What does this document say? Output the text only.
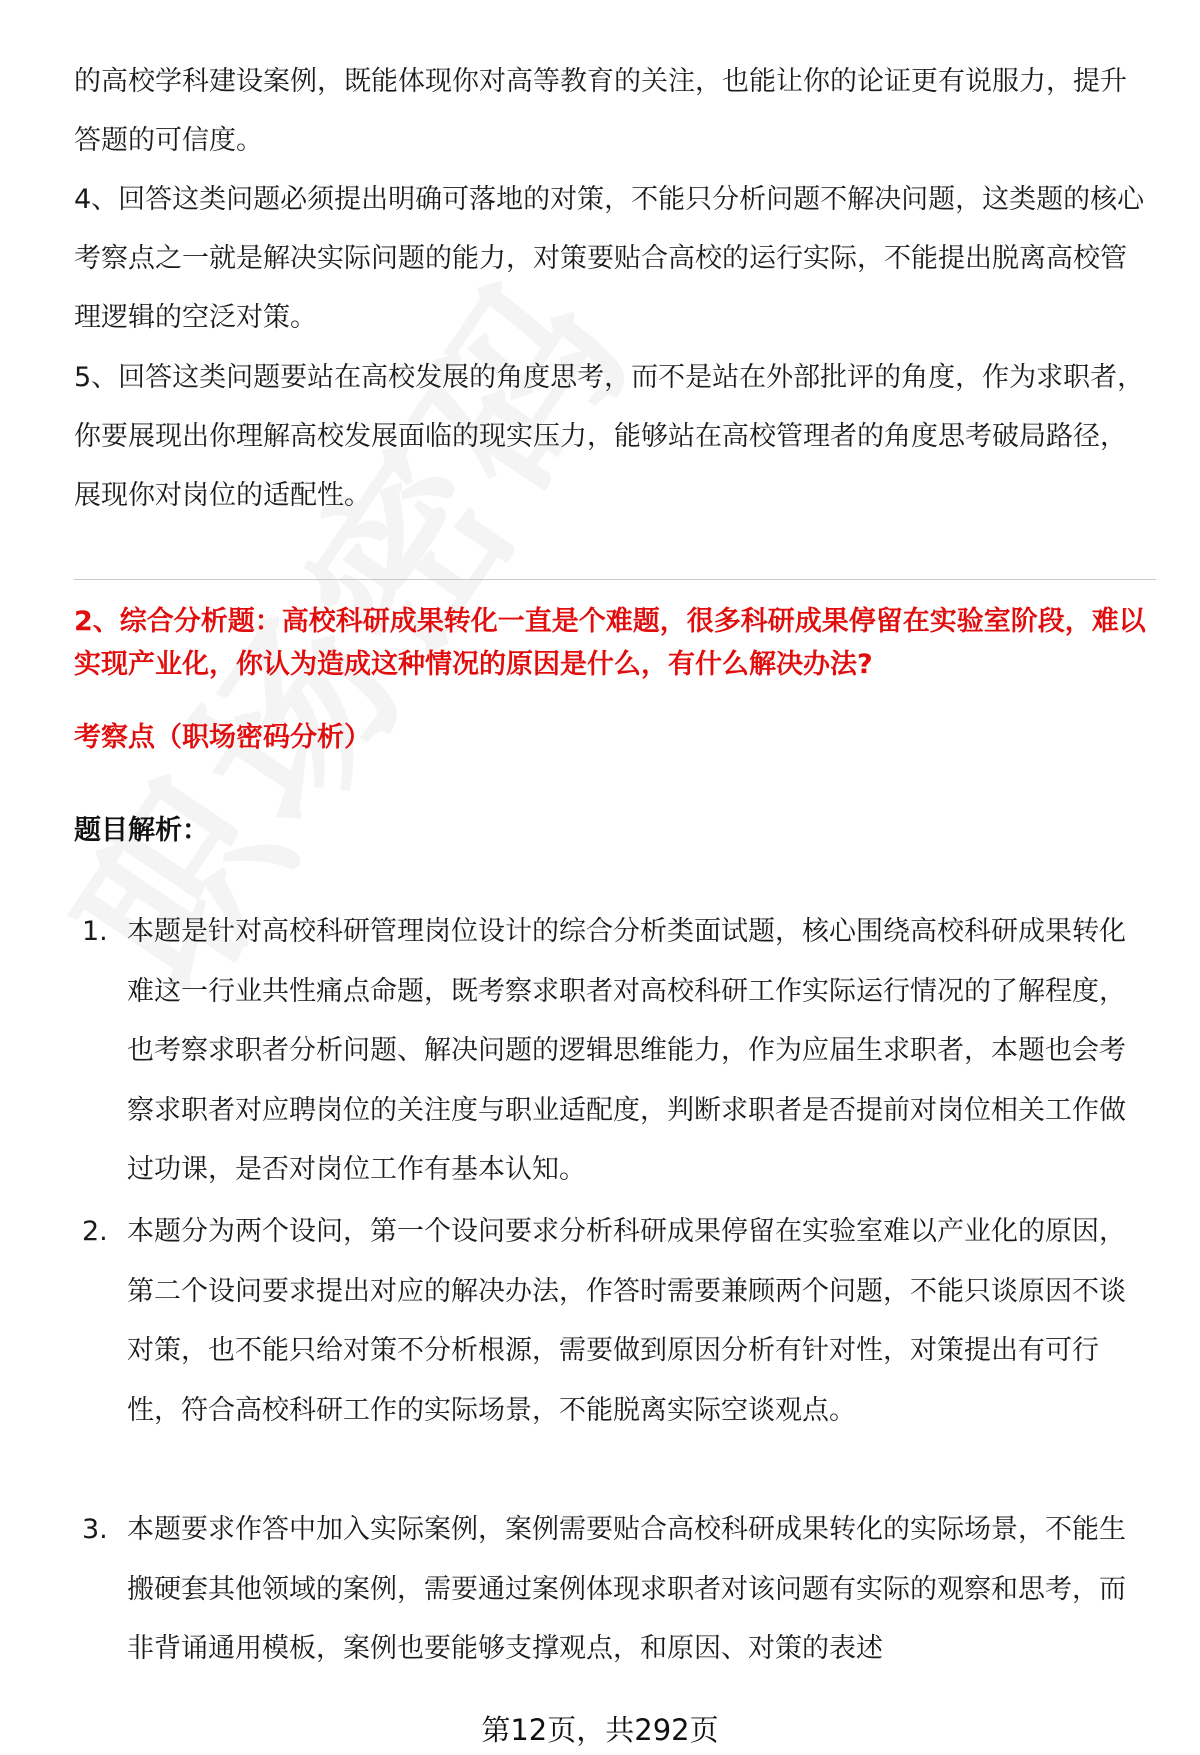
的高校学科建设案例，既能体现你对高等教育的关注，也能让你的论证更有说服力，提升答题的可信度。

4、回答这类问题必须提出明确可落地的对策，不能只分析问题不解决问题，这类题的核心考察点之一就是解决实际问题的能力，对策要贴合高校的运行实际，不能提出脱离高校管理逻辑的空泛对策。

5、回答这类问题要站在高校发展的角度思考，而不是站在外部批评的角度，作为求职者，你要展现出你理解高校发展面临的现实压力，能够站在高校管理者的角度思考破局路径，展现你对岗位的适配性。

2、综合分析题：高校科研成果转化一直是个难题，很多科研成果停留在实验室阶段，难以实现产业化，你认为造成这种情况的原因是什么，有什么解决办法?

考察点（职场密码分析）

题目解析：

1. 本题是针对高校科研管理岗位设计的综合分析类面试题，核心围绕高校科研成果转化难这一行业共性痛点命题，既考察求职者对高校科研工作实际运行情况的了解程度，也考察求职者分析问题、解决问题的逻辑思维能力，作为应届生求职者，本题也会考察求职者对应聘岗位的关注度与职业适配度，判断求职者是否提前对岗位相关工作做过功课，是否对岗位工作有基本认知。

2. 本题分为两个设问，第一个设问要求分析科研成果停留在实验室难以产业化的原因，第二个设问要求提出对应的解决办法，作答时需要兼顾两个问题，不能只谈原因不谈对策，也不能只给对策不分析根源，需要做到原因分析有针对性，对策提出有可行性，符合高校科研工作的实际场景，不能脱离实际空谈观点。

3. 本题要求作答中加入实际案例，案例需要贴合高校科研成果转化的实际场景，不能生搬硬套其他领域的案例，需要通过案例体现求职者对该问题有实际的观察和思考，而非背诵通用模板，案例也要能够支撑观点，和原因、对策的表述

第12页，共292页
